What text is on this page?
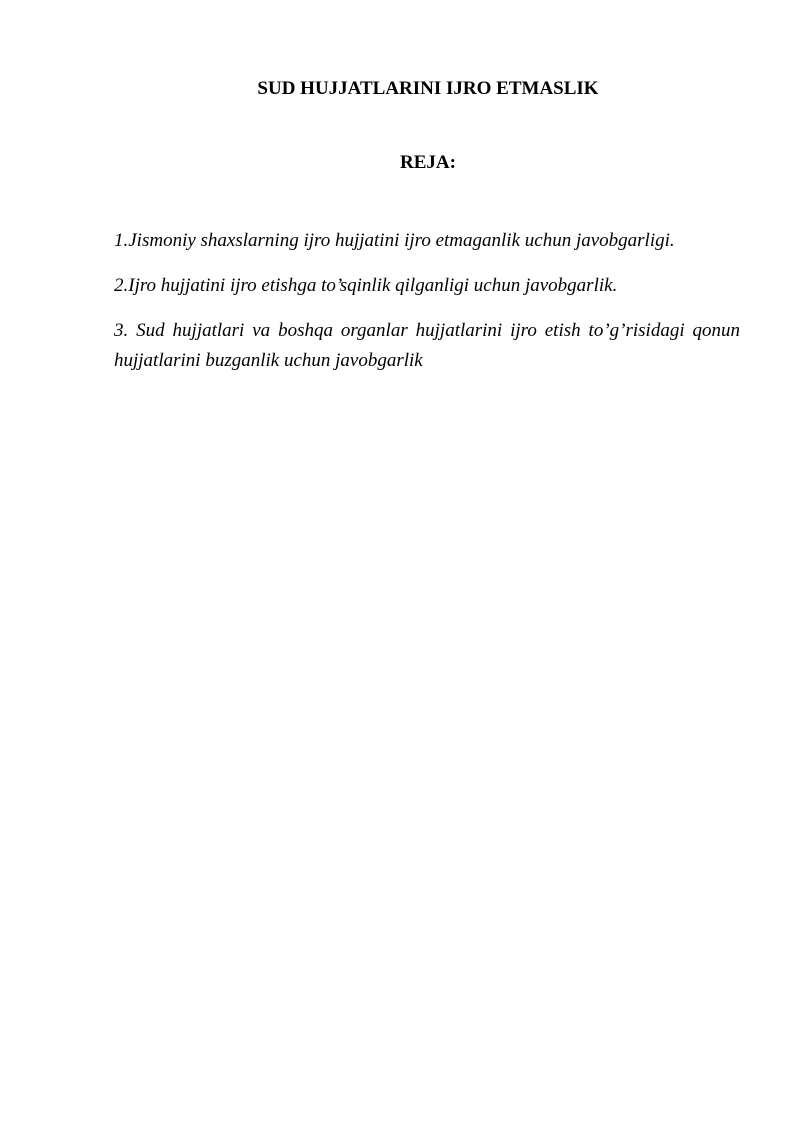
SUD HUJJATLARINI IJRO ETMASLIK
REJA:
1.Jismoniy shaxslarning ijro hujjatini ijro etmaganlik uchun javobgarligi.
2.Ijro hujjatini ijro etishga to’sqinlik qilganligi uchun javobgarlik.
3. Sud hujjatlari va boshqa organlar hujjatlarini ijro etish to’g’risidagi qonun hujjatlarini buzganlik uchun javobgarlik
